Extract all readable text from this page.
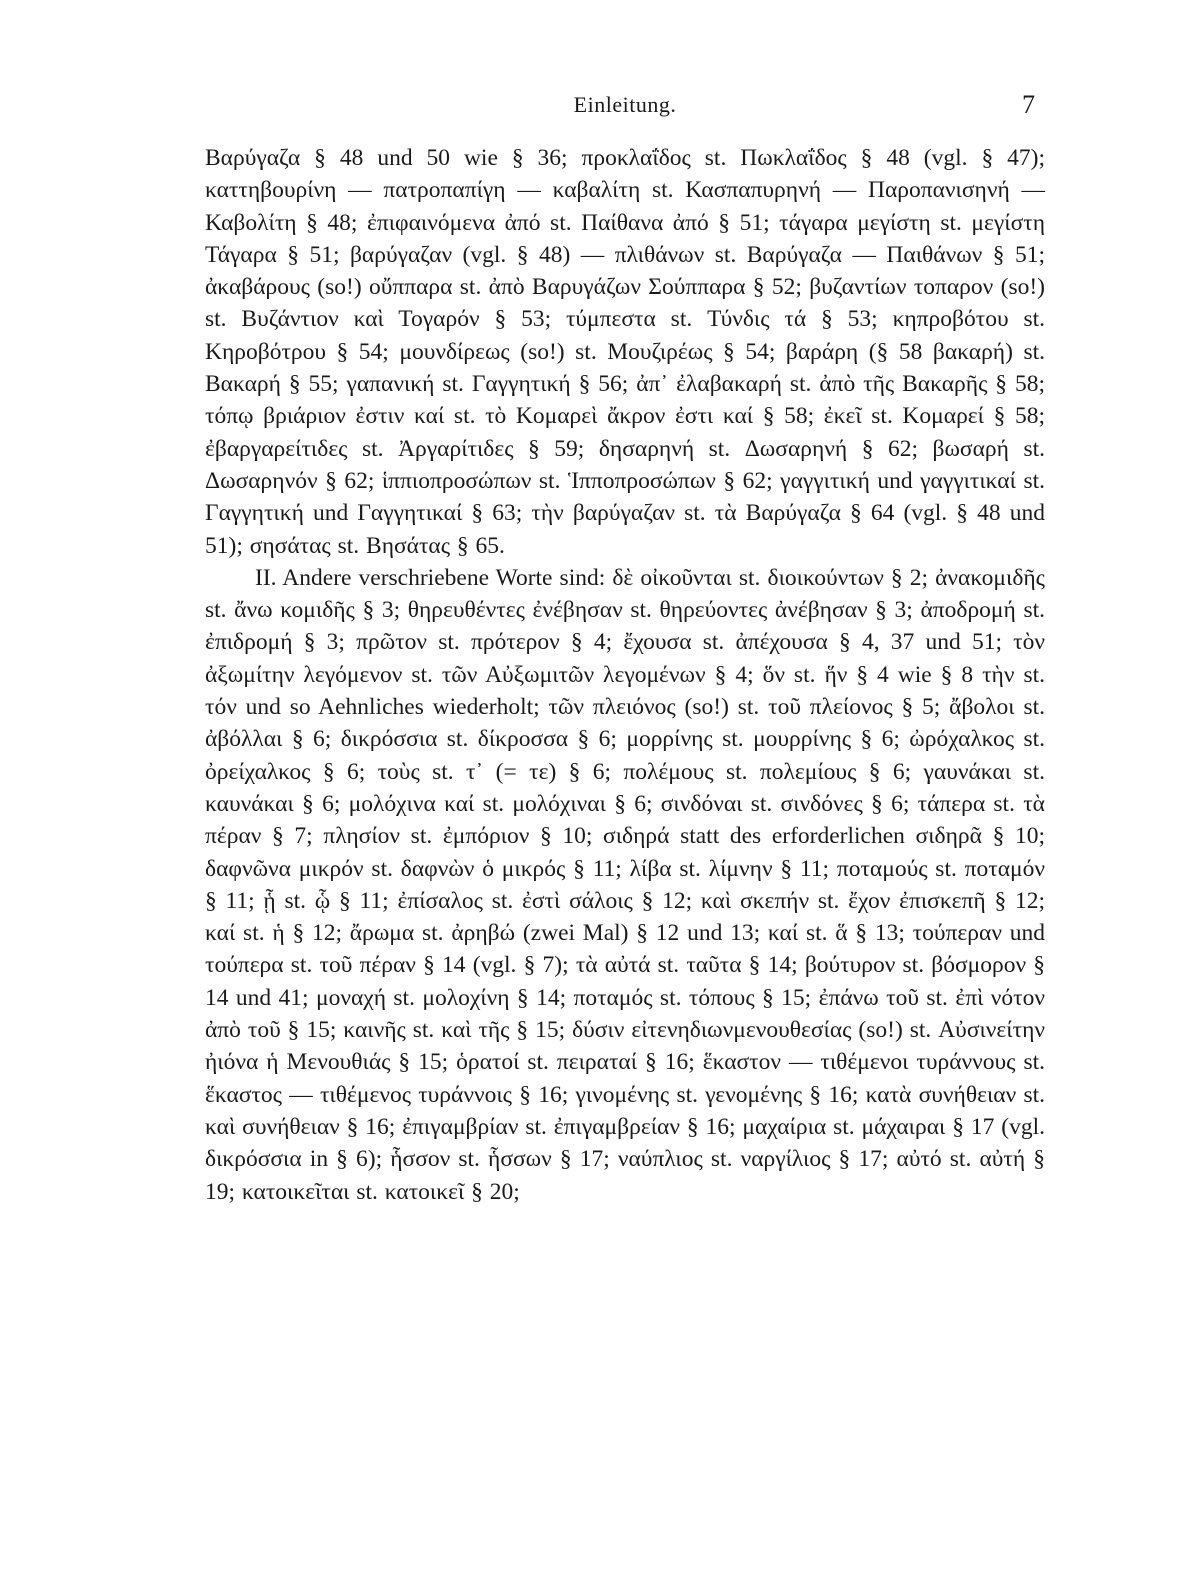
Einleitung.	7

Βαρύγαζα § 48 und 50 wie § 36; προκλαΐδος st. Πωκλαΐδος § 48 (vgl. § 47); καττηβουρίνη — πατροπαπίγη — καβαλίτη st. Κασπαπυρηνή — Παροπανισηνή — Καβολίτη § 48; ἐπιφαινόμενα ἀπό st. Παίθανα ἀπό § 51; τάγαρα μεγίστη st. μεγίστη Τάγαρα § 51; βαρύγαζαν (vgl. § 48) — πλιθάνων st. Βαρύγαζα — Παιθάνων § 51; ἀκαβάρους (so!) οὔππαρα st. ἀπὸ Βαρυγάζων Σούππαρα § 52; βυζαντίων τοπαρον (so!) st. Βυζάντιον καὶ Τογαρόν § 53; τύμπεστα st. Τύνδις τά § 53; κηπροβότου st. Κηροβότρου § 54; μουνδίρεως (so!) st. Μουζιρέως § 54; βαράρη (§ 58 βακαρή) st. Βακαρή § 55; γαπανική st. Γαγγητική § 56; ἀπ᾽ ἐλαβακαρή st. ἀπὸ τῆς Βακαρῆς § 58; τόπῳ βριάριον ἐστιν καί st. τὸ Κομαρεὶ ἄκρον ἐστι καί § 58; ἐκεῖ st. Κομαρεί § 58; ἐβαργαρείτιδες st. Ἀργαρίτιδες § 59; δησαρηνή st. Δωσαρηνή § 62; βωσαρή st. Δωσαρηνόν § 62; ἱππιοπροσώπων st. Ἱπποπροσώπων § 62; γαγγιτική und γαγγιτικαί st. Γαγγητική und Γαγγητικαί § 63; τὴν βαρύγαζαν st. τὰ Βαρύγαζα § 64 (vgl. § 48 und 51); σησάτας st. Βησάτας § 65.

II. Andere verschriebene Worte sind: δὲ οἰκοῦνται st. διοικούντων § 2; ἀνακομιδῆς st. ἄνω κομιδῆς § 3; θηρευθέντες ἐνέβησαν st. θηρεύοντες ἀνέβησαν § 3; ἀποδρομή st. ἐπιδρομή § 3; πρῶτον st. πρότερον § 4; ἔχουσα st. ἀπέχουσα § 4, 37 und 51; τὸν ἀξωμίτην λεγόμενον st. τῶν Αὐξωμιτῶν λεγομένων § 4; ὅν st. ἥν § 4 wie § 8 τὴν st. τόν und so Aehnliches wiederholt; τῶν πλειόνος (so!) st. τοῦ πλείονος § 5; ἄβολοι st. ἀβόλλαι § 6; δικρόσσια st. δίκροσσα § 6; μορρίνης st. μουρρίνης § 6; ὠρόχαλκος st. ὀρείχαλκος § 6; τοὺς st. τ᾽ (= τε) § 6; πολέμους st. πολεμίους § 6; γαυνάκαι st. καυνάκαι § 6; μολόχινα καί st. μολόχιναι § 6; σινδόναι st. σινδόνες § 6; τάπερα st. τὰ πέραν § 7; πλησίον st. ἐμπόριον § 10; σιδηρά statt des erforderlichen σιδηρᾶ § 10; δαφνῶνα μικρόν st. δαφνὼν ὁ μικρός § 11; λίβα st. λίμνην § 11; ποταμούς st. ποταμόν § 11; ᾗ st. ᾧ § 11; ἐπίσαλος st. ἐστὶ σάλοις § 12; καὶ σκεπήν st. ἔχον ἐπισκεπῆ § 12; καί st. ἡ § 12; ἄρωμα st. ἀρηβώ (zwei Mal) § 12 und 13; καί st. ἅ § 13; τούπεραν und τούπερα st. τοῦ πέραν § 14 (vgl. § 7); τὰ αὐτά st. ταῦτα § 14; βούτυρον st. βόσμορον § 14 und 41; μοναχή st. μολοχίνη § 14; ποταμός st. τόπους § 15; ἐπάνω τοῦ st. ἐπὶ νότον ἀπὸ τοῦ § 15; καινῆς st. καὶ τῆς § 15; δύσιν εἰτενηδιωνμενουθεσίας (so!) st. Αὐσινείτην ἠιόνα ἡ Μενουθιάς § 15; ὁρατοί st. πειραταί § 16; ἕκαστον — τιθέμενοι τυράννους st. ἕκαστος — τιθέμενος τυράννοις § 16; γινομένης st. γενομένης § 16; κατὰ συνήθειαν st. καὶ συνήθειαν § 16; ἐπιγαμβρίαν st. ἐπιγαμβρείαν § 16; μαχαίρια st. μάχαιραι § 17 (vgl. δικρόσσια in § 6); ἧσσον st. ἧσσων § 17; ναύπλιος st. ναργίλιος § 17; αὐτό st. αὐτή § 19; κατοικεῖται st. κατοικεῖ § 20;
